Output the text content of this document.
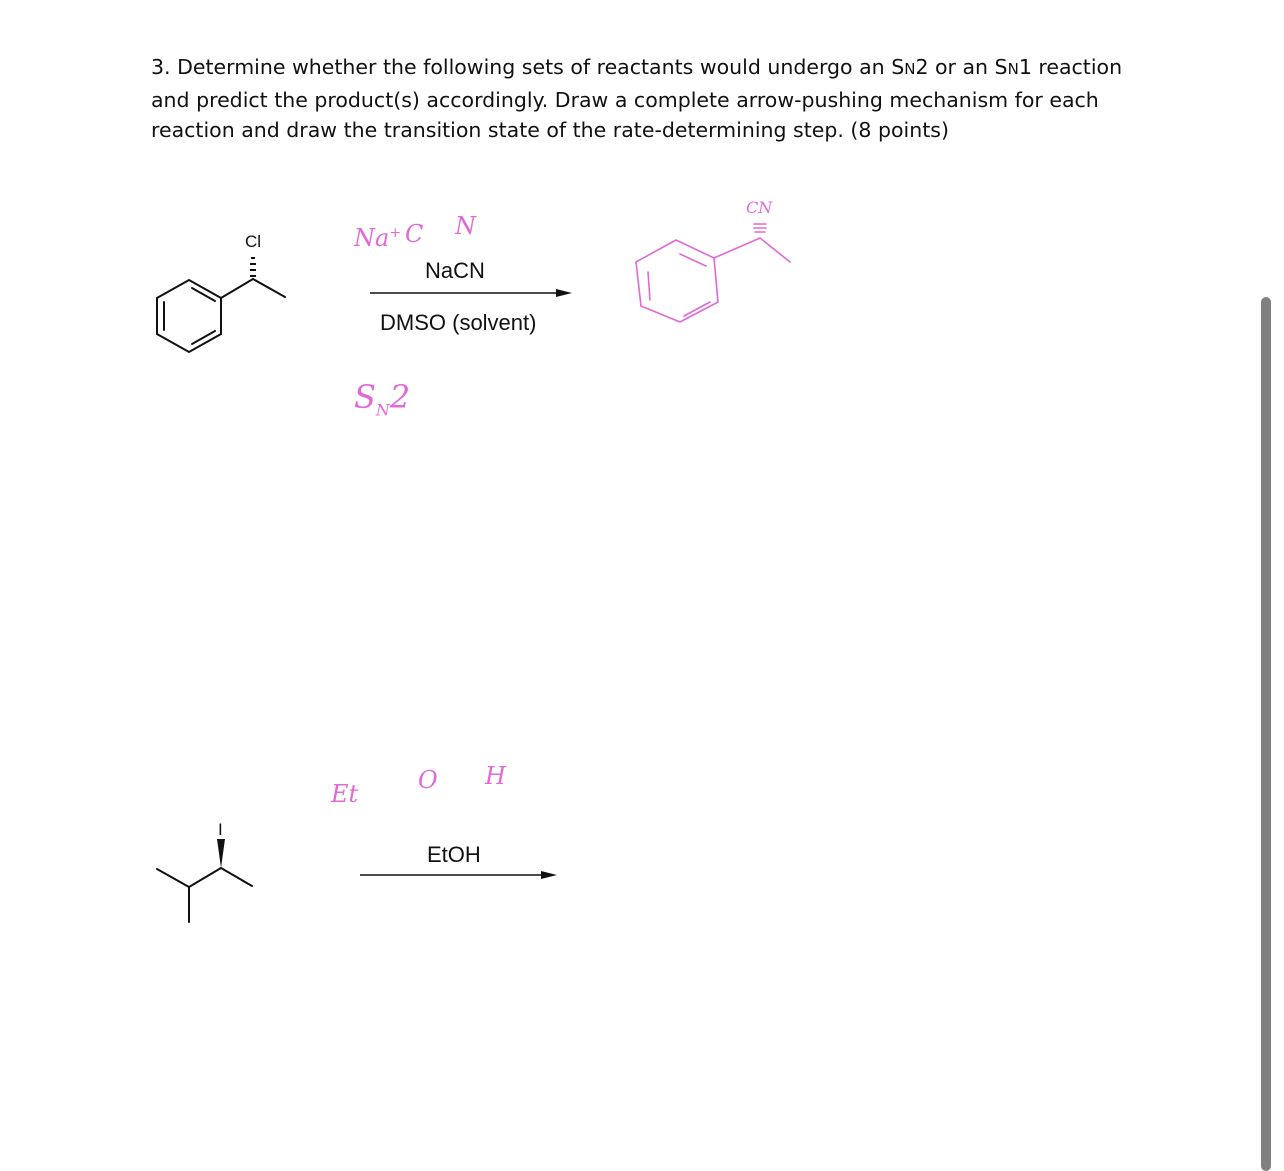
3. Determine whether the following sets of reactants would undergo an SN2 or an SN1 reaction and predict the product(s) accordingly. Draw a complete arrow-pushing mechanism for each reaction and draw the transition state of the rate-determining step. (8 points)
Cl
NaCN
DMSO (solvent)
Na+ C N
$S_N2$
CN
I
EtOH
Et O H
